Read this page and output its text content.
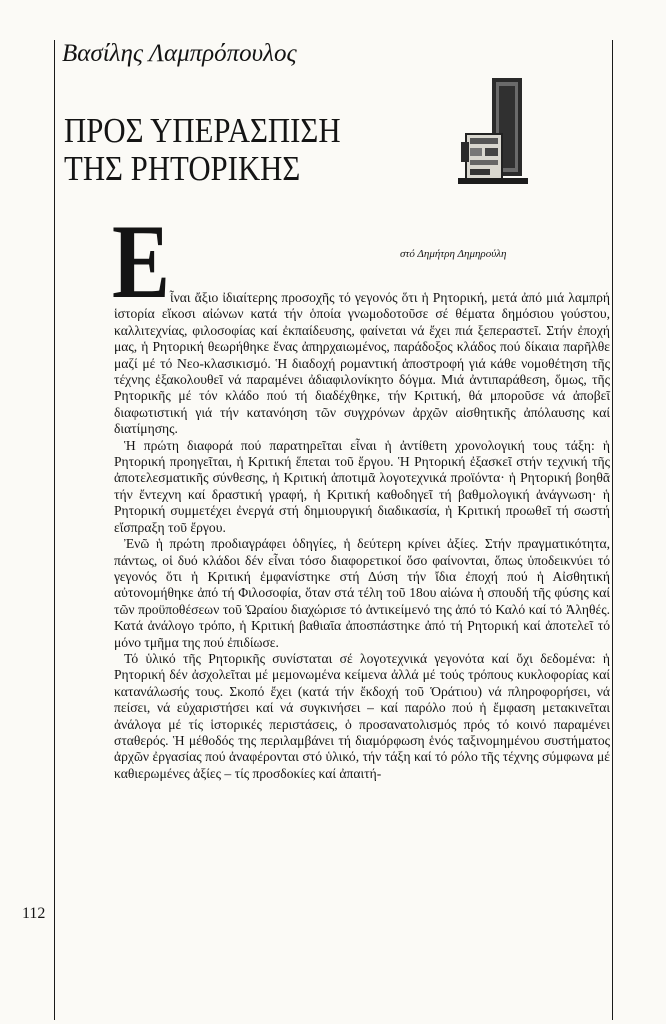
Βασίλης Λαμπρόπουλος
ΠΡΟΣ ΥΠΕΡΑΣΠΙΣΗ
ΤΗΣ ΡΗΤΟΡΙΚΗΣ
στό Δημήτρη Δημηρούλη
E ἶναι ἄξιο ἰδιαίτερης προσοχῆς τό γεγονός ὅτι ἡ Ρητορική, μετά ἀπό μιά λαμπρή ἱστορία εἴκοσι αἰώνων κατά τήν ὁποία γνωμοδοτοῦσε σέ θέματα δημόσιου γούστου, καλλιτεχνίας, φιλοσοφίας καί ἐκπαίδευσης, φαίνεται νά ἔχει πιά ξεπεραστεῖ. Στήν ἐποχή μας, ἡ Ρητορική θεωρήθηκε ἕνας ἀπηρχαιωμένος, παράδοξος κλάδος πού δίκαια παρῆλθε μαζί μέ τό Νεο-κλασικισμό. Ἡ διαδοχή ρομαντική ἀποστροφή γιά κάθε νομοθέτηση τῆς τέχνης ἐξακολουθεῖ νά παραμένει ἀδιαφιλονίκητο δόγμα. Μιά ἀντιπαράθεση, ὅμως, τῆς Ρητορικῆς μέ τόν κλάδο πού τή διαδέχθηκε, τήν Κριτική, θά μποροῦσε νά ἀποβεῖ διαφωτιστική γιά τήν κατανόηση τῶν συγχρόνων ἀρχῶν αἰσθητικῆς ἀπόλαυσης καί διατίμησης.

Ἡ πρώτη διαφορά πού παρατηρεῖται εἶναι ἡ ἀντίθετη χρονολογική τους τάξη: ἡ Ρητορική προηγεῖται, ἡ Κριτική ἕπεται τοῦ ἔργου. Ἡ Ρητορική ἐξασκεῖ στήν τεχνική τῆς ἀποτελεσματικῆς σύνθεσης, ἡ Κριτική ἀποτιμᾶ λογοτεχνικά προϊόντα· ἡ Ρητορική βοηθᾶ τήν ἔντεχνη καί δραστική γραφή, ἡ Κριτική καθοδηγεῖ τή βαθμολογική ἀνάγνωση· ἡ Ρητορική συμμετέχει ἐνεργά στή δημιουργική διαδικασία, ἡ Κριτική προωθεῖ τή σωστή εἴσπραξη τοῦ ἔργου.

Ἐνῶ ἡ πρώτη προδιαγράφει ὁδηγίες, ἡ δεύτερη κρίνει ἀξίες. Στήν πραγματικότητα, πάντως, οἱ δυό κλάδοι δέν εἶναι τόσο διαφορετικοί ὅσο φαίνονται, ὅπως ὑποδεικνύει τό γεγονός ὅτι ἡ Κριτική ἐμφανίστηκε στή Δύση τήν ἴδια ἐποχή πού ἡ Αἰσθητική αὐτονομήθηκε ἀπό τή Φιλοσοφία, ὅταν στά τέλη τοῦ 18ου αἰώνα ἡ σπουδή τῆς φύσης καί τῶν προϋποθέσεων τοῦ Ὡραίου διαχώρισε τό ἀντικείμενό της ἀπό τό Καλό καί τό Ἀληθές. Κατά ἀνάλογο τρόπο, ἡ Κριτική βαθιαῖα ἀποσπάστηκε ἀπό τή Ρητορική καί ἀποτελεῖ τό μόνο τμῆμα της πού ἐπιδίωσε.

Τό ὑλικό τῆς Ρητορικῆς συνίσταται σέ λογοτεχνικά γεγονότα καί ὄχι δεδομένα: ἡ Ρητορική δέν ἀσχολεῖται μέ μεμονωμένα κείμενα ἀλλά μέ τούς τρόπους κυκλοφορίας καί κατανάλωσής τους. Σκοπό ἔχει (κατά τήν ἔκδοχή τοῦ Ὁράτιου) νά πληροφορήσει, νά πείσει, νά εὐχαριστήσει καί νά συγκινήσει – καί παρόλο πού ἡ ἔμφαση μετακινεῖται ἀνάλογα μέ τίς ἱστορικές περιστάσεις, ὁ προσανατολισμός πρός τό κοινό παραμένει σταθερός. Ἡ μέθοδός της περιλαμβάνει τή διαμόρφωση ἑνός ταξινομημένου συστήματος ἀρχῶν ἐργασίας πού ἀναφέρονται στό ὑλικό, τήν τάξη καί τό ρόλο τῆς τέχνης σύμφωνα μέ καθιερωμένες ἀξίες – τίς προσδοκίες καί ἀπαιτή-

112
